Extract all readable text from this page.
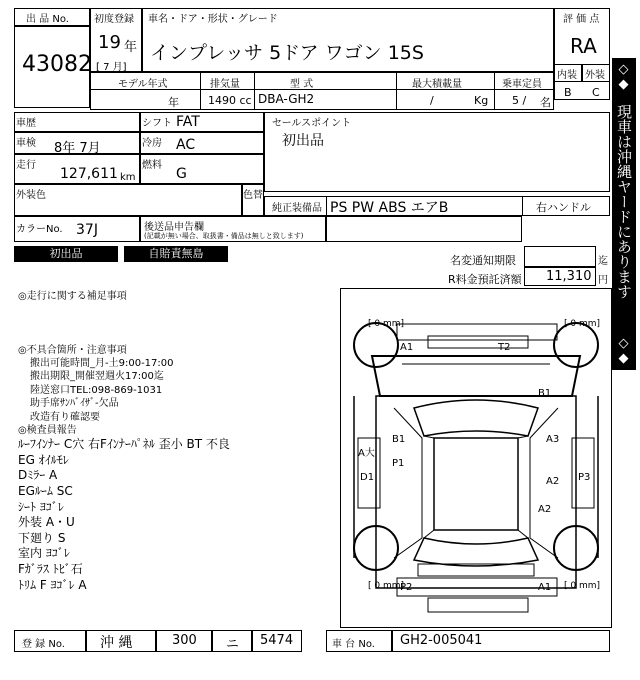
出 品 No.
43082
初度登録
19 年
[ 7 月]
車名・ドア・形状・グレード
インプレッサ 5ドア ワゴン 15S
評 価 点
RA
内装 外装
B C
モデル年式	排気量	型 式	最大積載量	乗車定員
年	1490 cc DBA-GH2	/	Kg 5 / 名
車歴
車検 8年 7月
走行
127,611 km
シフト FAT
冷房 AC
燃料
G
外装色	色替
カラーNo. 37J	後送品申告欄
(記載が無い場合、取扱書・備品は無しと致します)
初出品	自賠責無島
セールスポイント
初出品
純正装備品 PS PW ABS エアB	右ハンドル
名変通知期限	迄
R料金預託済額 11,310 円
◇◆
現車は沖縄ヤードにあります
◇◆
◎走行に関する補足事項
◎不具合箇所・注意事項
搬出可能時間_月-土9:00-17:00
搬出期限_開催翌週火17:00迄
陸送窓口TEL:098-869-1031
助手席ｻﾝﾊﾞｲｻﾞ-欠品
改造有り確認要
◎検査員報告
ﾙｰﾌｲﾝﾅｰ C穴 右Fｲﾝﾅｰﾊﾟﾈﾙ 歪小 BT 不良
EG ｵｲﾙﾓﾚ
Dﾐﾗｰ A
EGﾙｰﾑ SC
ｼｰﾄ ﾖｺﾞﾚ
外装 A・U
下廻り S
室内 ﾖｺﾞﾚ
Fｶﾞﾗｽ ﾄﾋﾞ石
ﾄﾘﾑ F ﾖｺﾞﾚ A
[ 0 mm]	[ 0 mm]
[ 0 mm]	[ 0 mm]
A1	T2
B1
B1	A3
A大
P1
D1	A2 P3
A2
P2	A1
登 録 No.	沖 縄	300 ニ 5474	車 台 No. GH2-005041
